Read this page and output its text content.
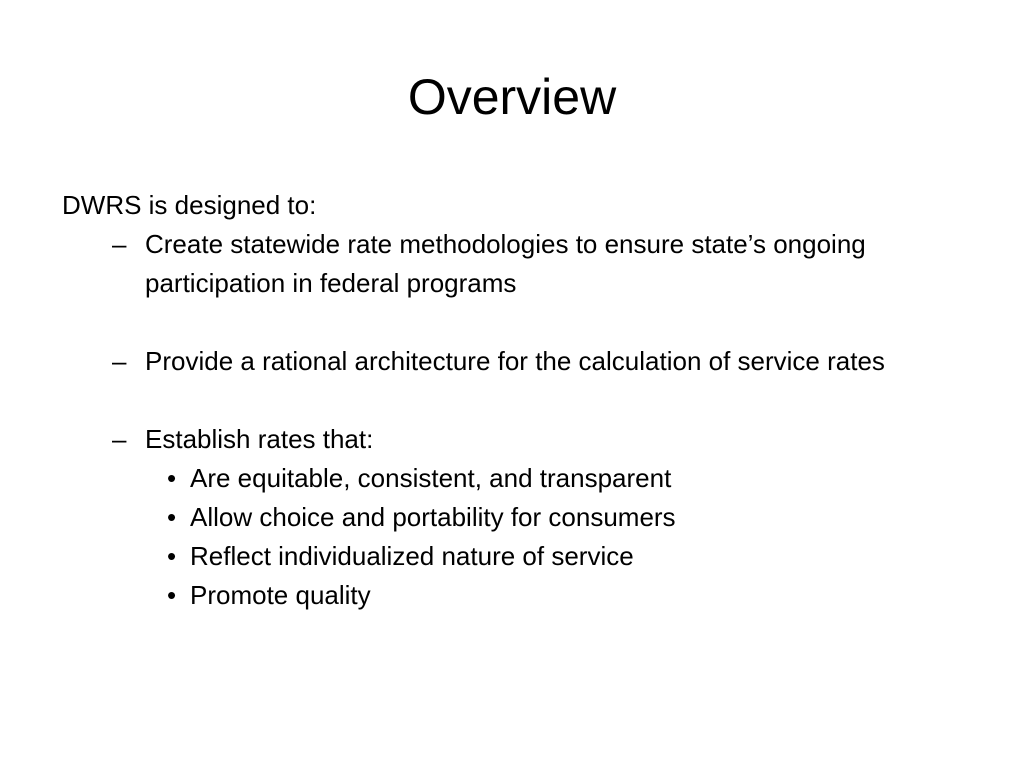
Overview

DWRS is designed to:

– Create statewide rate methodologies to ensure state’s ongoing participation in federal programs
– Provide a rational architecture for the calculation of service rates
– Establish rates that:
• Are equitable, consistent, and transparent
• Allow choice and portability for consumers
• Reflect individualized nature of service
• Promote quality
